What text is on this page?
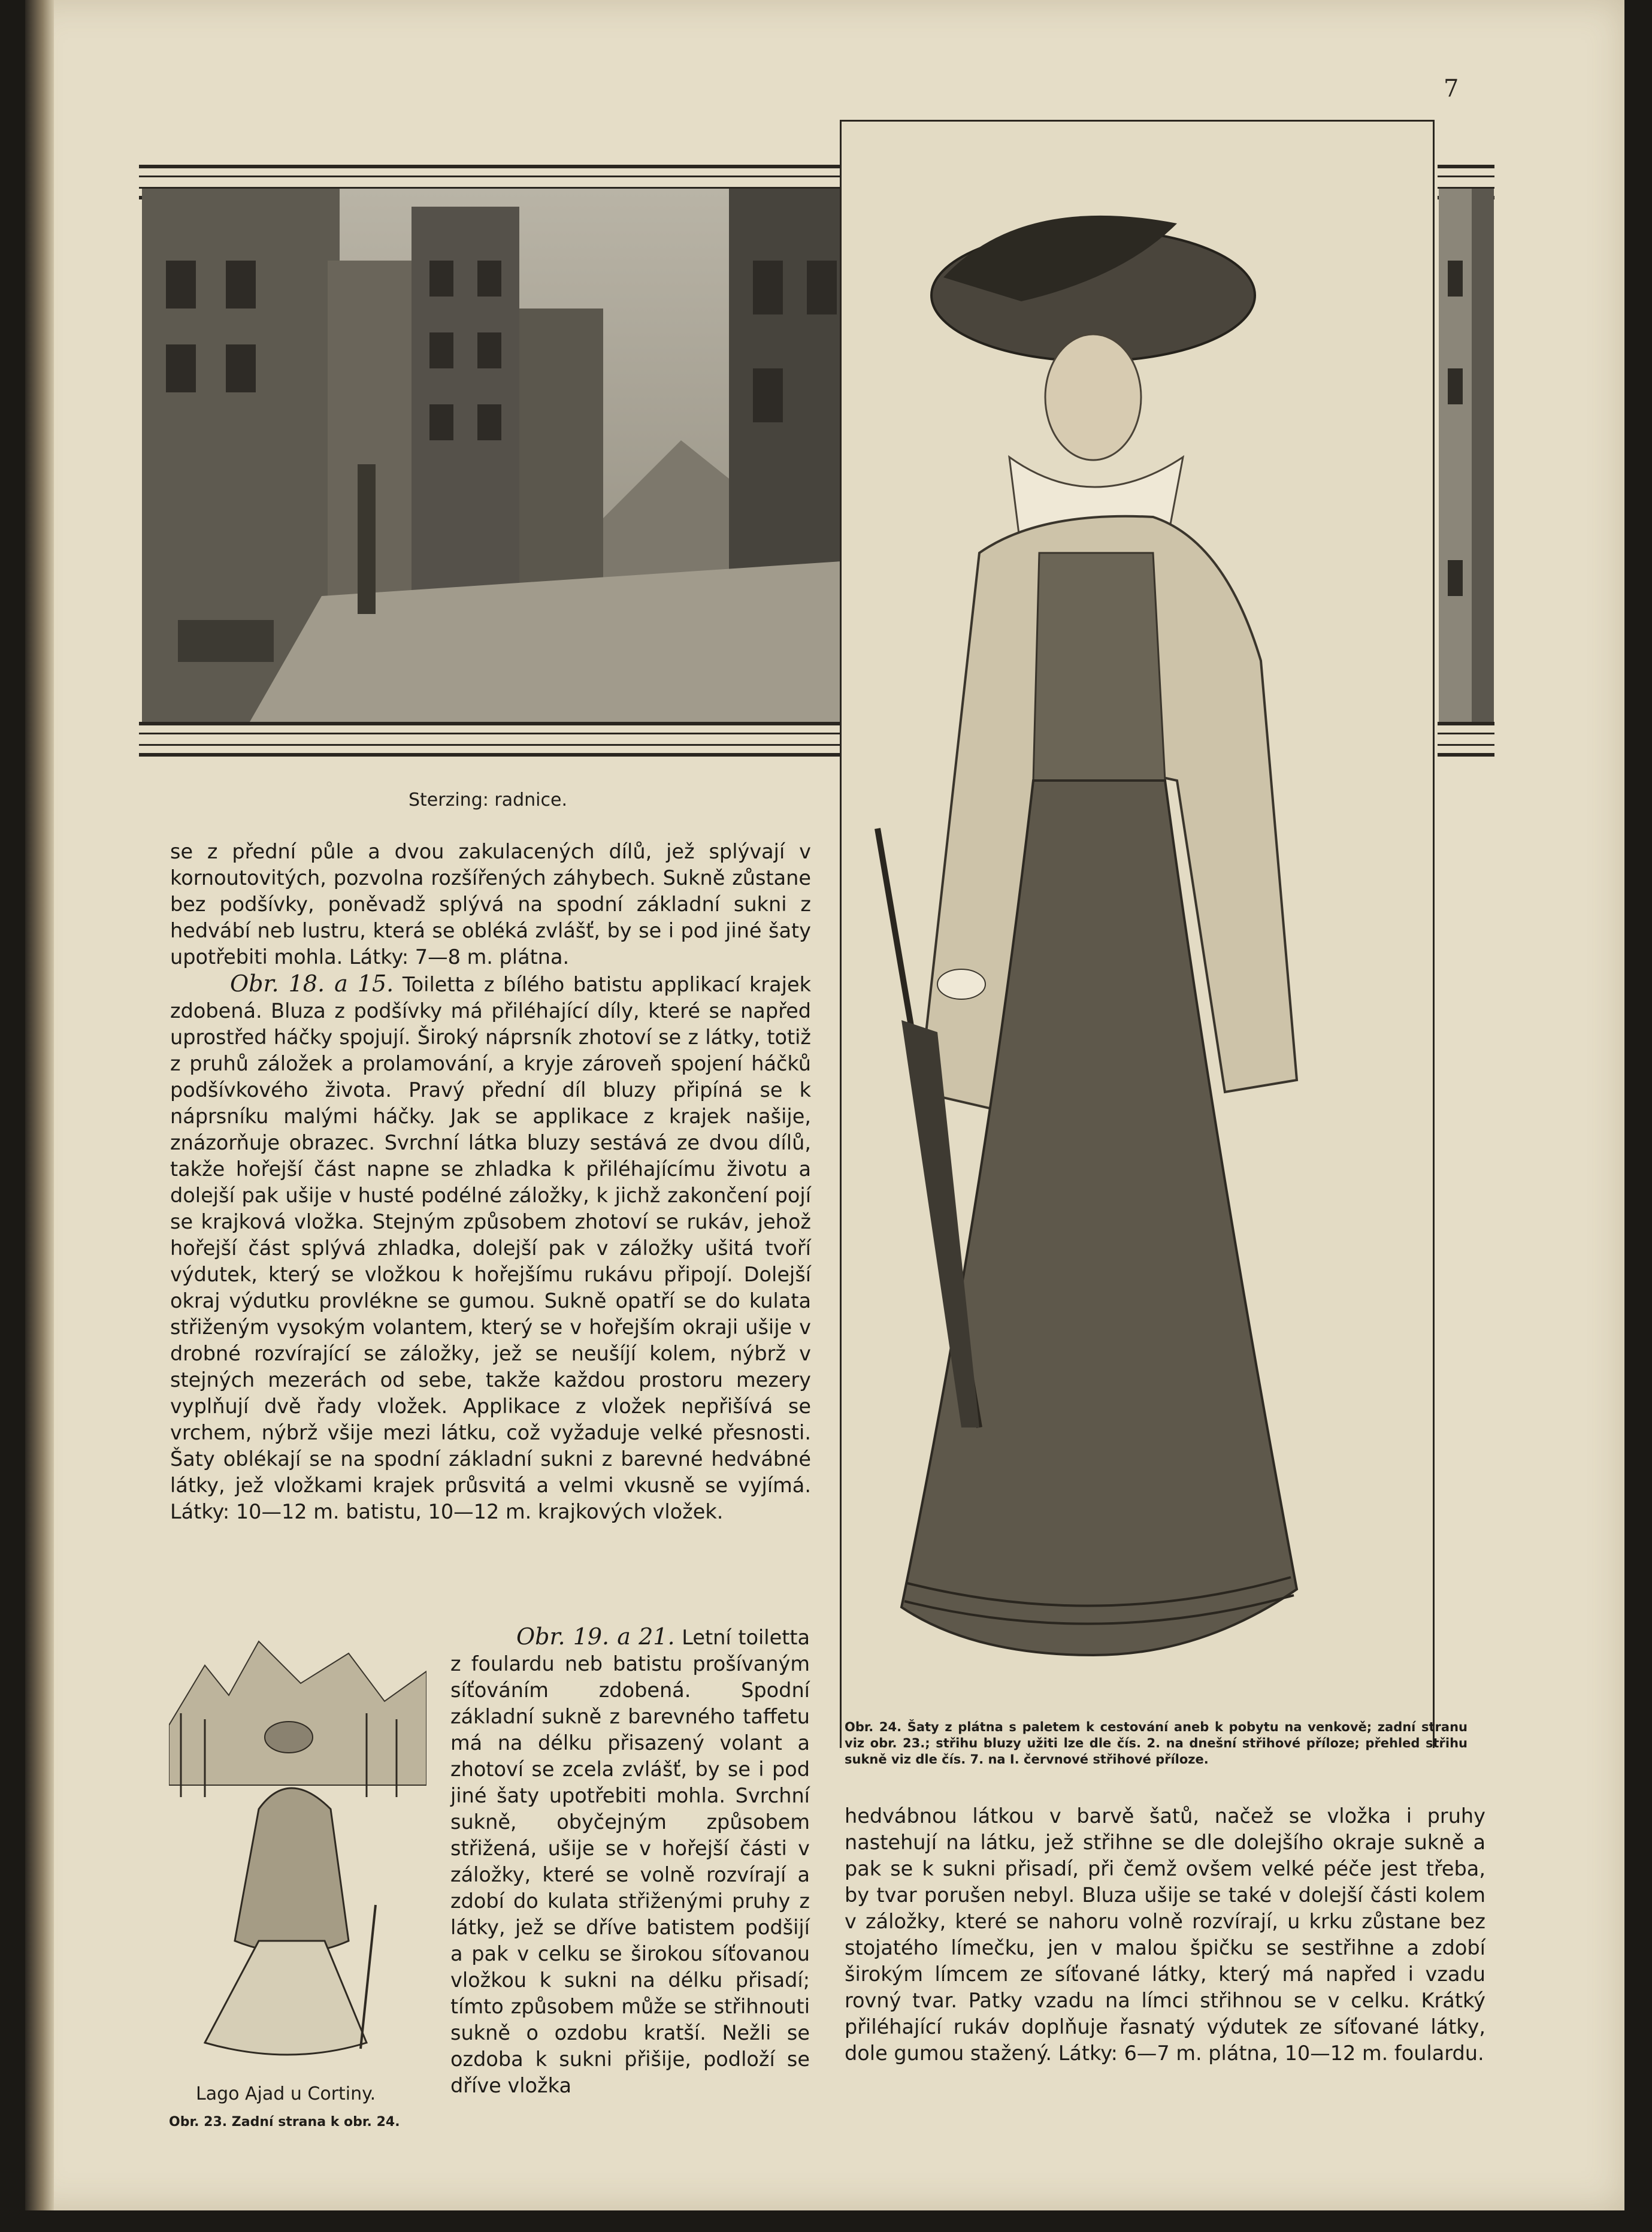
7
Sterzing: radnice.

se z přední půle a dvou zakulacených dílů, jež splývají v kornoutovitých, pozvolna rozšířených záhybech. Sukně zůstane bez podšívky, poněvadž splývá na spodní základní sukni z hedvábí neb lustru, která se obléká zvlášť, by se i pod jiné šaty upotřebiti mohla. Látky: 7—8 m. plátna.

Obr. 18. a 15. Toiletta z bílého batistu applikací krajek zdobená. Bluza z podšívky má přiléhající díly, které se napřed uprostřed háčky spojují. Široký náprsník zhotoví se z látky, totiž z pruhů záložek a prolamování, a kryje zároveň spojení háčků podšívkového života. Pravý přední díl bluzy připíná se k náprsníku malými háčky. Jak se applikace z krajek našije, znázorňuje obrazec. Svrchní látka bluzy sestává ze dvou dílů, takže hořejší část napne se zhladka k přiléhajícímu životu a dolejší pak ušije v husté podélné záložky, k jichž zakončení pojí se krajková vložka. Stejným způsobem zhotoví se rukáv, jehož hořejší část splývá zhladka, dolejší pak v záložky ušitá tvoří výdutek, který se vložkou k hořejšímu rukávu připojí. Dolejší okraj výdutku provlékne se gumou. Sukně opatří se do kulata střiženým vysokým volantem, který se v hořejším okraji ušije v drobné rozvírající se záložky, jež se neušíjí kolem, nýbrž v stejných mezerách od sebe, takže každou prostoru mezery vyplňují dvě řady vložek. Applikace z vložek nepřišívá se vrchem, nýbrž všije mezi látku, což vyžaduje velké přesnosti. Šaty oblékají se na spodní základní sukni z barevné hedvábné látky, jež vložkami krajek průsvitá a velmi vkusně se vyjímá. Látky: 10—12 m. batistu, 10—12 m. krajkových vložek.

Lago Ajad u Cortiny.
Obr. 23. Zadní strana k obr. 24.

Obr. 19. a 21. Letní toiletta z foulardu neb batistu prošívaným síťováním zdobená. Spodní základní sukně z barevného taffetu má na délku přisazený volant a zhotoví se zcela zvlášť, by se i pod jiné šaty upotřebiti mohla. Svrchní sukně, obyčejným způsobem střižená, ušije se v hořejší části v záložky, které se volně rozvírají a zdobí do kulata střiženými pruhy z látky, jež se dříve batistem podšijí a pak v celku se širokou síťovanou vložkou k sukni na délku přisadí; tímto způsobem může se střihnouti sukně o ozdobu kratší. Nežli se ozdoba k sukni přišije, podloží se dříve vložka

Obr. 24. Šaty z plátna s paletem k cestování aneb k pobytu na venkově; zadní stranu viz obr. 23.; střihu bluzy užiti lze dle čís. 2. na dnešní střihové příloze; přehled střihu sukně viz dle čís. 7. na I. červnové střihové příloze.

hedvábnou látkou v barvě šatů, načež se vložka i pruhy nastehují na látku, jež střihne se dle dolejšího okraje sukně a pak se k sukni přisadí, při čemž ovšem velké péče jest třeba, by tvar porušen nebyl. Bluza ušije se také v dolejší části kolem v záložky, které se nahoru volně rozvírají, u krku zůstane bez stojatého límečku, jen v malou špičku se sestřihne a zdobí širokým límcem ze síťované látky, který má napřed i vzadu rovný tvar. Patky vzadu na límci střihnou se v celku. Krátký přiléhající rukáv doplňuje řasnatý výdutek ze síťované látky, dole gumou stažený. Látky: 6—7 m. plátna, 10—12 m. foulardu.
